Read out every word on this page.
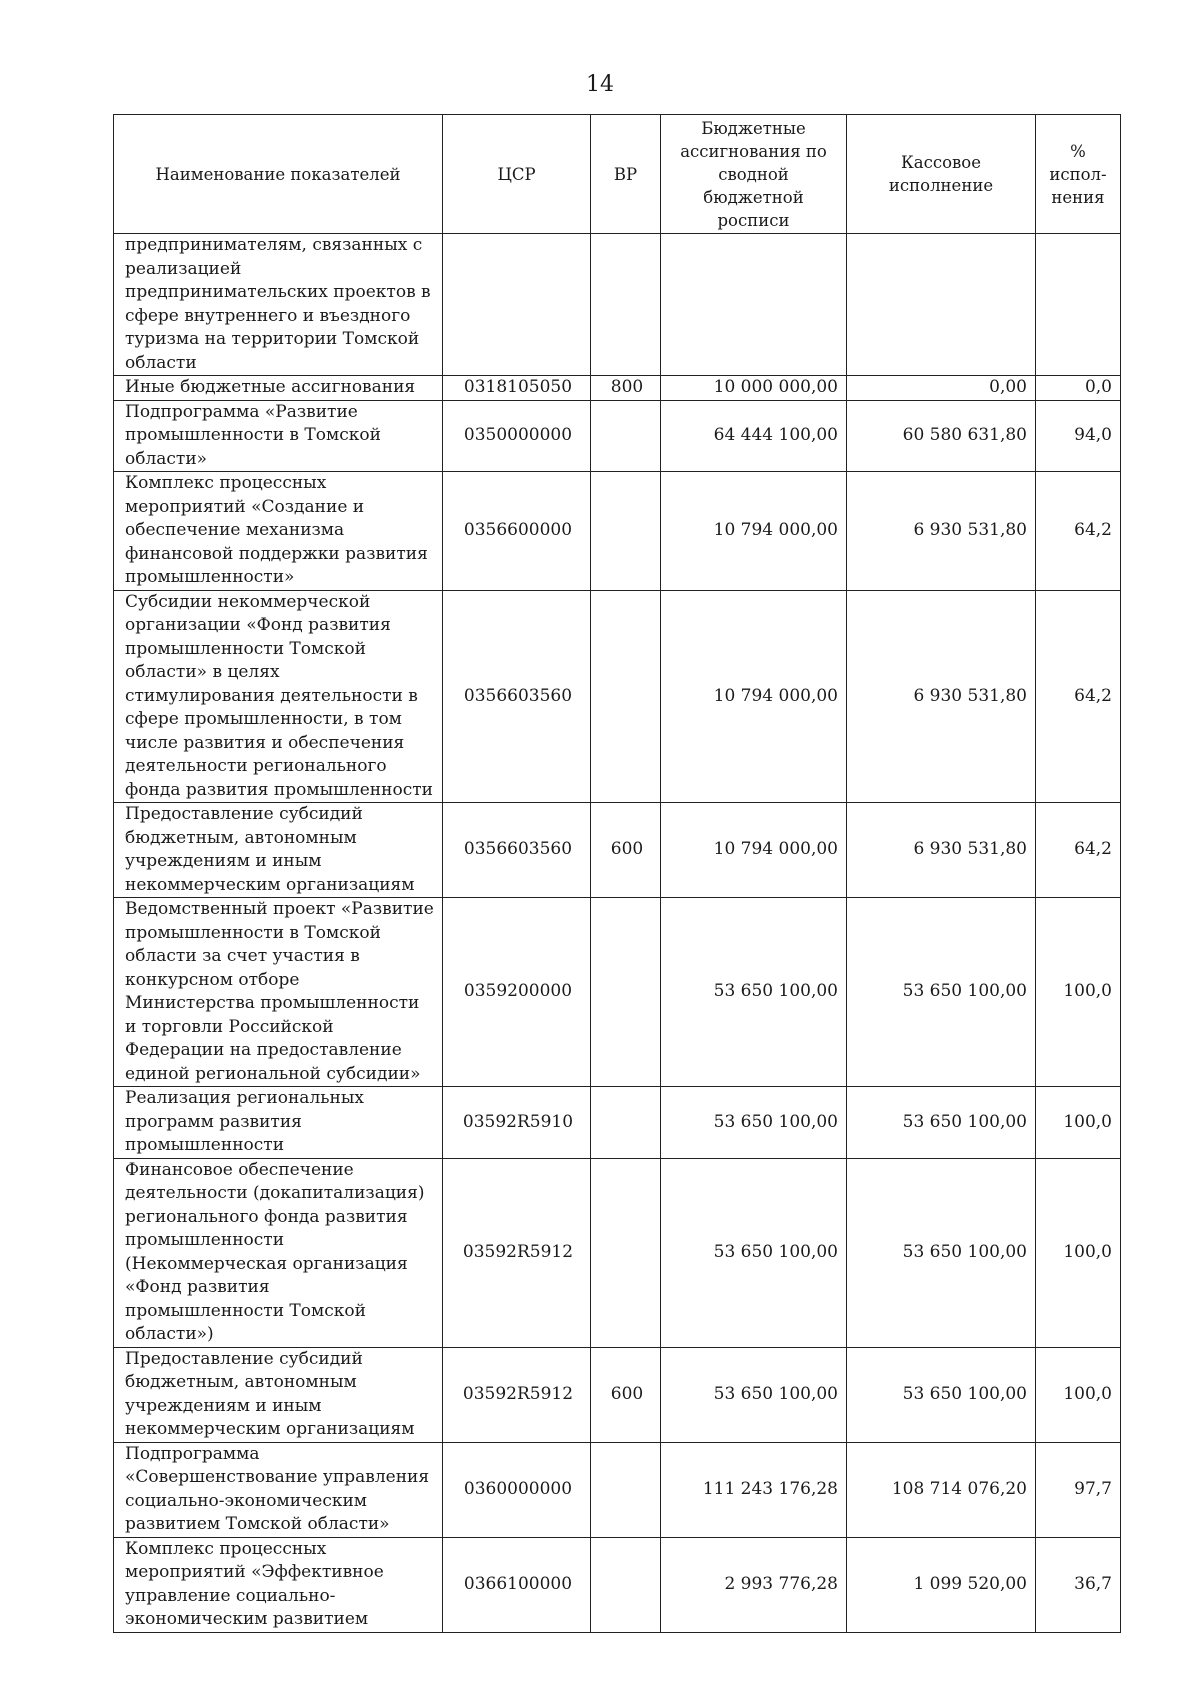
14
Наименование показателей	ЦСР	ВР	Бюджетные ассигнования по сводной бюджетной росписи	Кассовое исполнение	% испол-нения
предпринимателям, связанных с реализацией предпринимательских проектов в сфере внутреннего и въездного туризма на территории Томской области					
Иные бюджетные ассигнования	0318105050	800	10 000 000,00	0,00	0,0
Подпрограмма «Развитие промышленности в Томской области»	0350000000		64 444 100,00	60 580 631,80	94,0
Комплекс процессных мероприятий «Создание и обеспечение механизма финансовой поддержки развития промышленности»	0356600000		10 794 000,00	6 930 531,80	64,2
Субсидии некоммерческой организации «Фонд развития промышленности Томской области» в целях стимулирования деятельности в сфере промышленности, в том числе развития и обеспечения деятельности регионального фонда развития промышленности	0356603560		10 794 000,00	6 930 531,80	64,2
Предоставление субсидий бюджетным, автономным учреждениям и иным некоммерческим организациям	0356603560	600	10 794 000,00	6 930 531,80	64,2
Ведомственный проект «Развитие промышленности в Томской области за счет участия в конкурсном отборе Министерства промышленности и торговли Российской Федерации на предоставление единой региональной субсидии»	0359200000		53 650 100,00	53 650 100,00	100,0
Реализация региональных программ развития промышленности	03592R5910		53 650 100,00	53 650 100,00	100,0
Финансовое обеспечение деятельности (докапитализация) регионального фонда развития промышленности (Некоммерческая организация «Фонд развития промышленности Томской области»)	03592R5912		53 650 100,00	53 650 100,00	100,0
Предоставление субсидий бюджетным, автономным учреждениям и иным некоммерческим организациям	03592R5912	600	53 650 100,00	53 650 100,00	100,0
Подпрограмма «Совершенствование управления социально-экономическим развитием Томской области»	0360000000		111 243 176,28	108 714 076,20	97,7
Комплекс процессных мероприятий «Эффективное управление социально-экономическим развитием	0366100000		2 993 776,28	1 099 520,00	36,7
